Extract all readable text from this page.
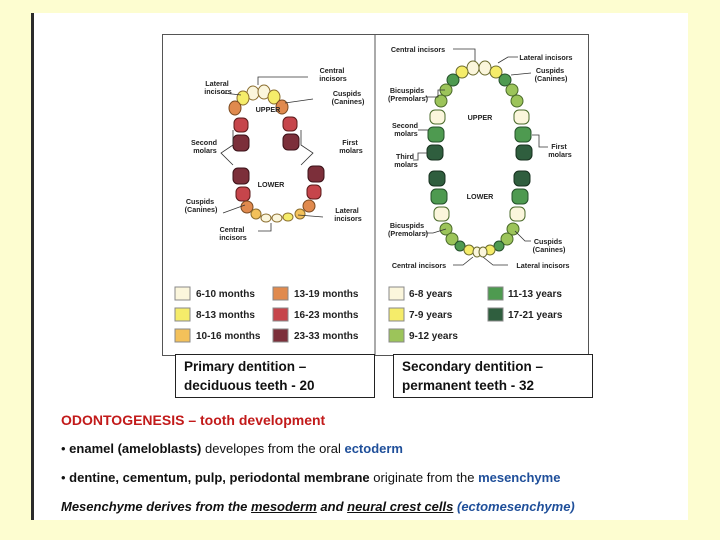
Central incisors
Lateral incisors	Cuspids (Canines)
UPPER
LOWER
Second molars
First molars
Cuspids (Canines)	Lateral incisors
Central incisors
6-10 months	13-19 months
8-13 months	16-23 months
10-16 months	23-33 months
Central incisors
Lateral incisors
Cuspids (Canines)
Bicuspids (Premolars)
Second molars
Third molars
UPPER
LOWER
First molars
Bicuspids (Premolars)
Cuspids (Canines)
Central incisors	Lateral incisors
6-8 years	11-13 years
7-9 years	17-21 years
9-12 years
Primary dentition –
deciduous teeth - 20
Secondary dentition –
permanent teeth - 32
ODONTOGENESIS – tooth development
• enamel (ameloblasts) developes from the oral ectoderm
• dentine, cementum, pulp, periodontal membrane originate from the mesenchyme
Mesenchyme derives from the mesoderm and neural crest cells (ectomesenchyme)
